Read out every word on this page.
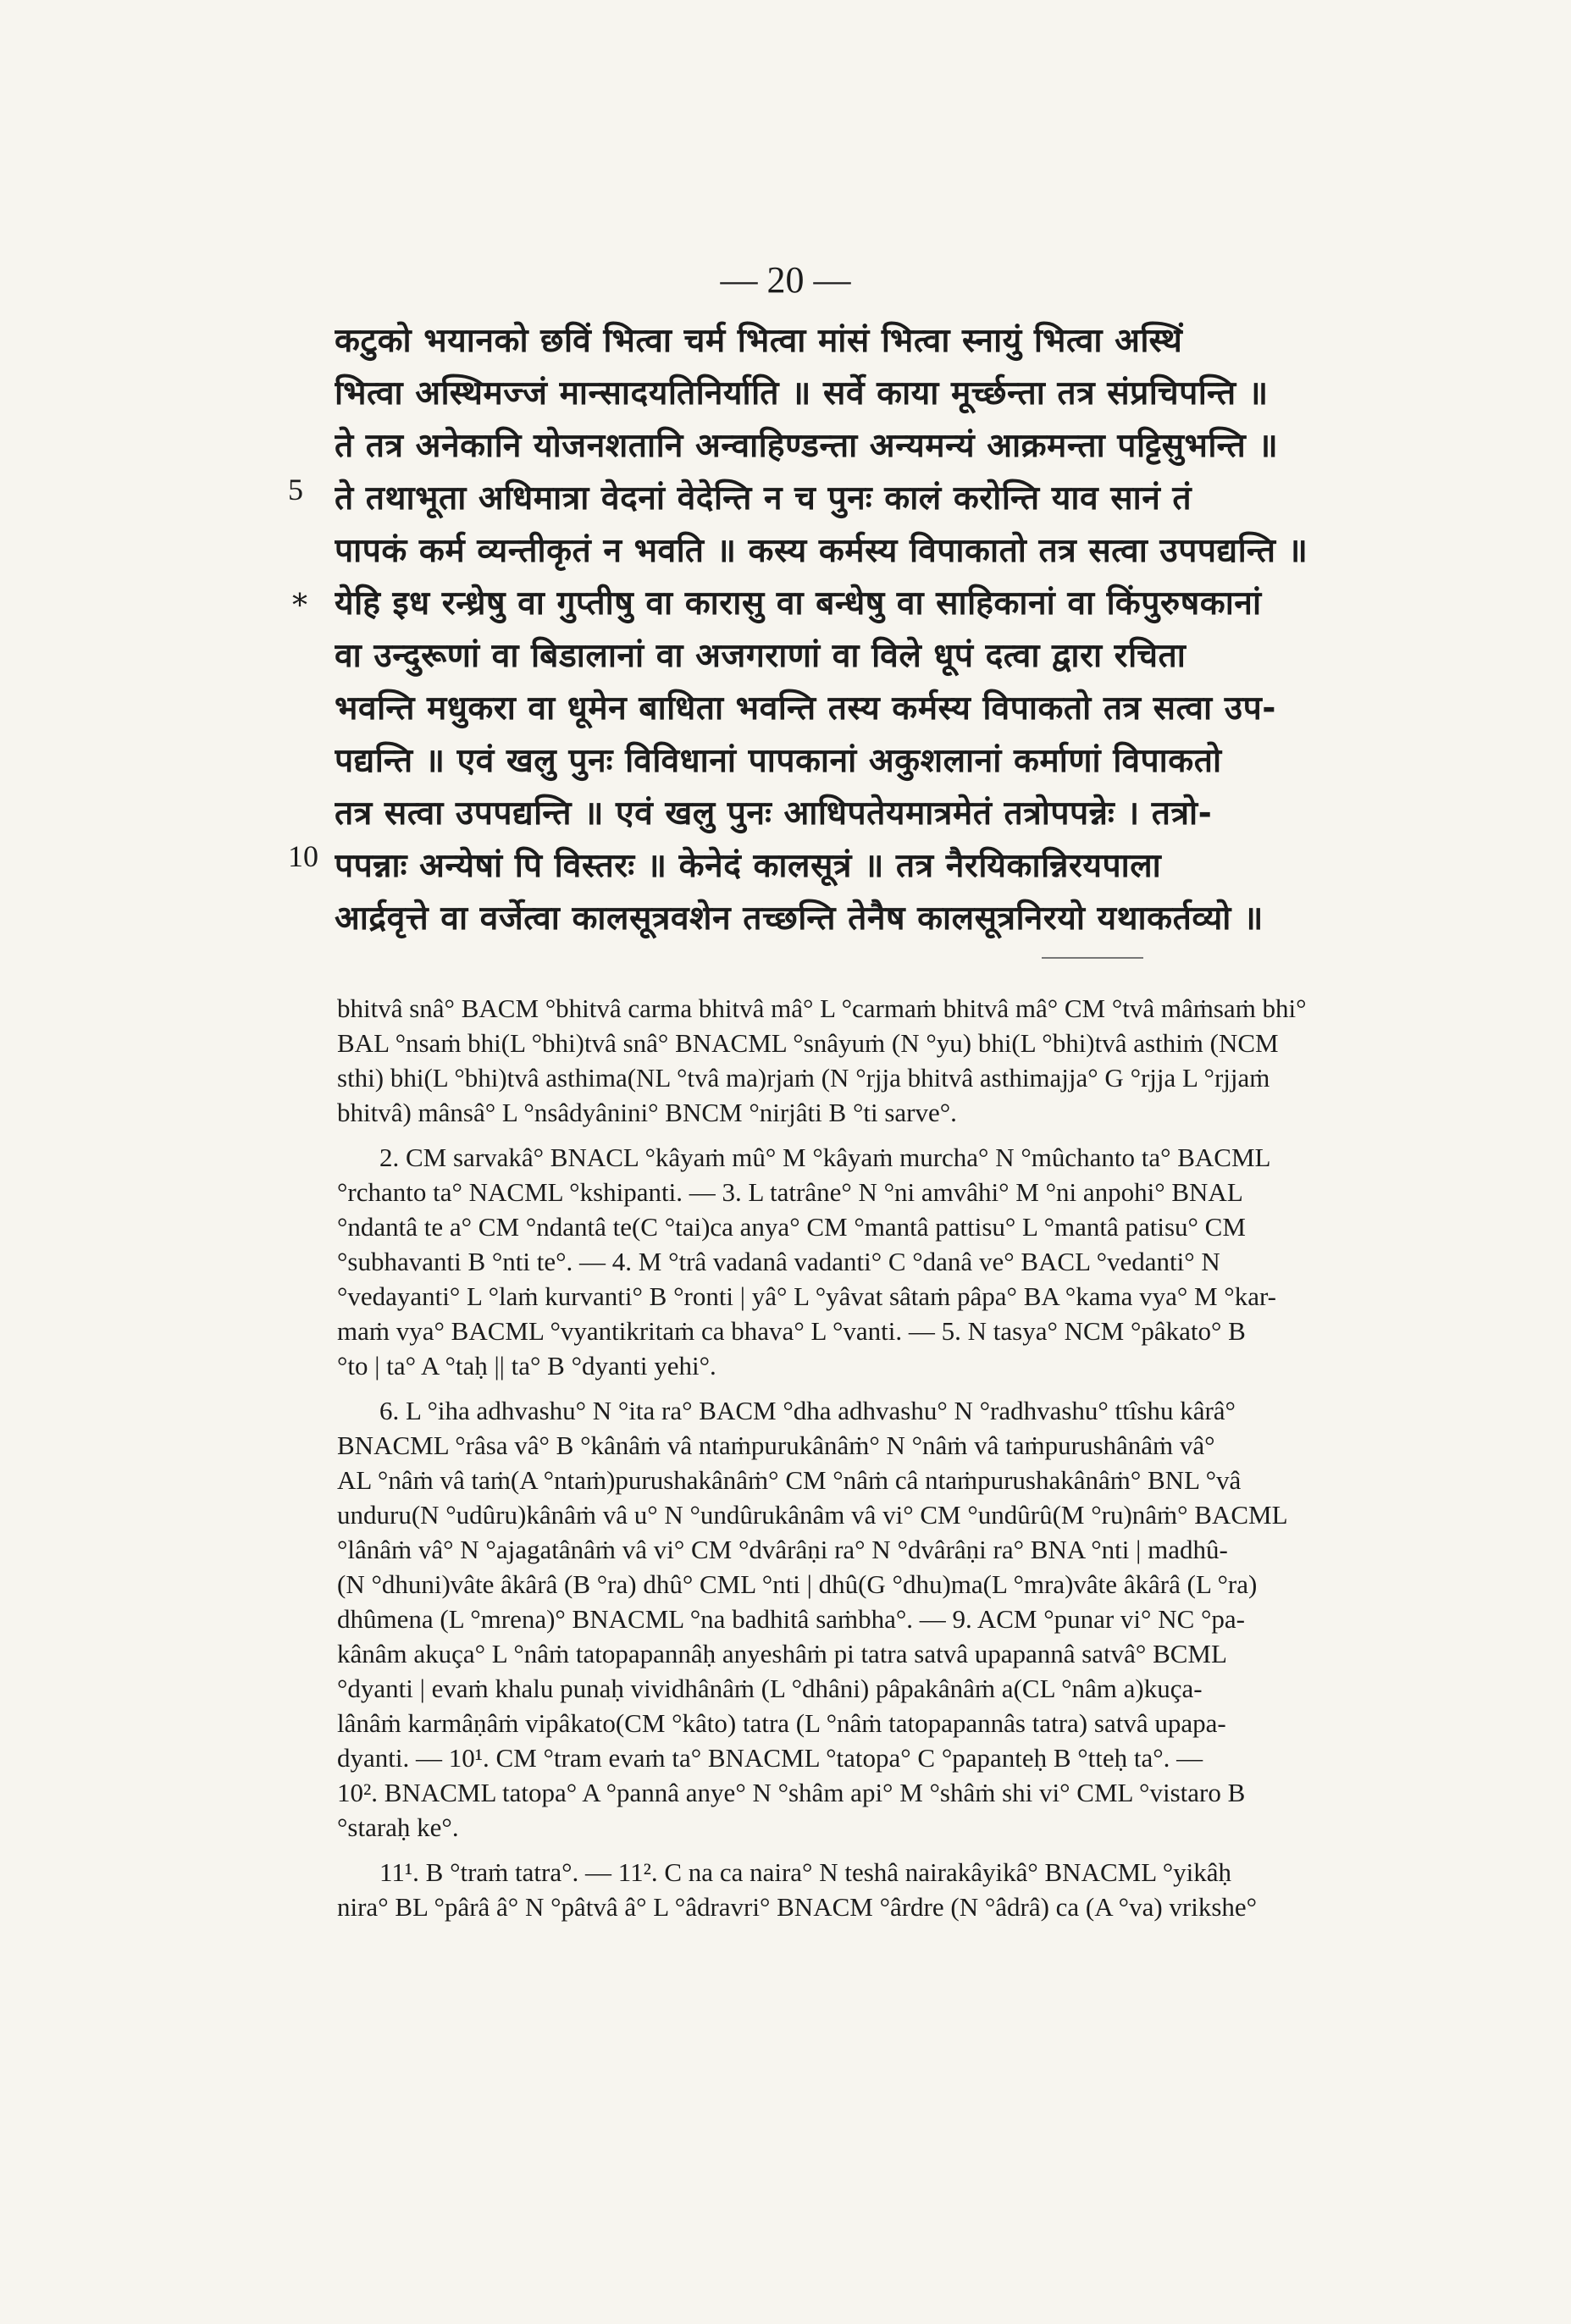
— 20 —
कटुको भयानको छविं भित्वा चर्म भित्वा मांसं भित्वा स्नायुं भित्वा अस्थिं
भित्वा अस्थिमज्जं मान्सादयतिनिर्याति ॥ सर्वे काया मूर्च्छन्ता तत्र संप्रचिपन्ति ॥
ते तत्र अनेकानि योजनशतानि अन्वाहिण्डन्ता अन्यमन्यं आक्रमन्ता पट्टिसुभन्ति ॥
ते तथाभूता अधिमात्रा वेदनां वेदेन्ति न च पुनः कालं करोन्ति याव सानं तं
पापकं कर्म व्यन्तीकृतं न भवति ॥ कस्य कर्मस्य विपाकातो तत्र सत्वा उपपद्यन्ति ॥
येहि इध रन्ध्रेषु वा गुप्तीषु वा कारासु वा बन्धेषु वा साहिकानां वा किंपुरुषकानां
वा उन्दुरूणां वा बिडालानां वा अजगराणां वा विले धूपं दत्वा द्वारा रचिता
भवन्ति मधुकरा वा धूमेन बाधिता भवन्ति तस्य कर्मस्य विपाकतो तत्र सत्वा उप-
पद्यन्ति ॥ एवं खलु पुनः विविधानां पापकानां अकुशलानां कर्माणां विपाकतो
तत्र सत्वा उपपद्यन्ति ॥ एवं खलु पुनः आधिपतेयमात्रमेतं तत्रोपपन्नेः । तत्रो-
पपन्नाः अन्येषां पि विस्तरः ॥ केनेदं कालसूत्रं ॥ तत्र नैरयिकान्निरयपाला
आर्द्रवृत्ते वा वर्जेत्वा कालसूत्रवशेन तच्छन्ति तेनैष कालसूत्रनिरयो यथाकर्तव्यो ॥
5
10
*
bhitvâ snâ° BACM °bhitvâ carma bhitvâ mâ° L °carmaṁ bhitvâ mâ° CM °tvâ mâṁsaṁ bhi°
BAL °nsaṁ bhi(L °bhi)tvâ snâ° BNACML °snâyuṁ (N °yu) bhi(L °bhi)tvâ asthiṁ (NCM
sthi) bhi(L °bhi)tvâ asthima(NL °tvâ ma)rjaṁ (N °rjja bhitvâ asthimajja° G °rjja L °rjjaṁ
bhitvâ) mânsâ° L °nsâdyânini° BNCM °nirjâti B °ti sarve°.
2. CM sarvakâ° BNACL °kâyaṁ mû° M °kâyaṁ murcha° N °mûchanto ta° BACML
°rchanto ta° NACML °kshipanti. — 3. L tatrâne° N °ni amvâhi° M °ni anpohi° BNAL
°ndantâ te a° CM °ndantâ te(C °tai)ca anya° CM °mantâ pattisu° L °mantâ patisu° CM
°subhavanti B °nti te°. — 4. M °trâ vadanâ vadanti° C °danâ ve° BACL °vedanti° N
°vedayanti° L °laṁ kurvanti° B °ronti | yâ° L °yâvat sâtaṁ pâpa° BA °kama vya° M °kar-
maṁ vya° BACML °vyantikritaṁ ca bhava° L °vanti. — 5. N tasya° NCM °pâkato° B
°to | ta° A °taḥ || ta° B °dyanti yehi°.
6. L °iha adhvashu° N °ita ra° BACM °dha adhvashu° N °radhvashu° ttîshu kârâ°
BNACML °râsa vâ° B °kânâṁ vâ ntaṁpurukânâṁ° N °nâṁ vâ taṁpurushânâṁ vâ°
AL °nâṁ vâ taṁ(A °ntaṁ)purushakânâṁ° CM °nâṁ câ ntaṁpurushakânâṁ° BNL °vâ
unduru(N °udûru)kânâṁ vâ u° N °undûrukânâm vâ vi° CM °undûrû(M °ru)nâṁ° BACML
°lânâṁ vâ° N °ajagatânâṁ vâ vi° CM °dvârâṇi ra° N °dvârâṇi ra° BNA °nti | madhû-
(N °dhuni)vâte âkârâ (B °ra) dhû° CML °nti | dhû(G °dhu)ma(L °mra)vâte âkârâ (L °ra)
dhûmena (L °mrena)° BNACML °na badhitâ saṁbha°. — 9. ACM °punar vi° NC °pa-
kânâm akuça° L °nâṁ tatopapannâḥ anyeshâṁ pi tatra satvâ upapannâ satvâ° BCML
°dyanti | evaṁ khalu punaḥ vividhânâṁ (L °dhâni) pâpakânâṁ a(CL °nâm a)kuça-
lânâṁ karmâṇâṁ vipâkato(CM °kâto) tatra (L °nâṁ tatopapannâs tatra) satvâ upapa-
dyanti. — 10¹. CM °tram evaṁ ta° BNACML °tatopa° C °papanteḥ B °tteḥ ta°. —
10². BNACML tatopa° A °pannâ anye° N °shâm api° M °shâṁ shi vi° CML °vistaro B
°staraḥ ke°.
11¹. B °traṁ tatra°. — 11². C na ca naira° N teshâ nairakâyikâ° BNACML °yikâḥ
nira° BL °pârâ â° N °pâtvâ â° L °âdravri° BNACM °ârdre (N °âdrâ) ca (A °va) vrikshe°
